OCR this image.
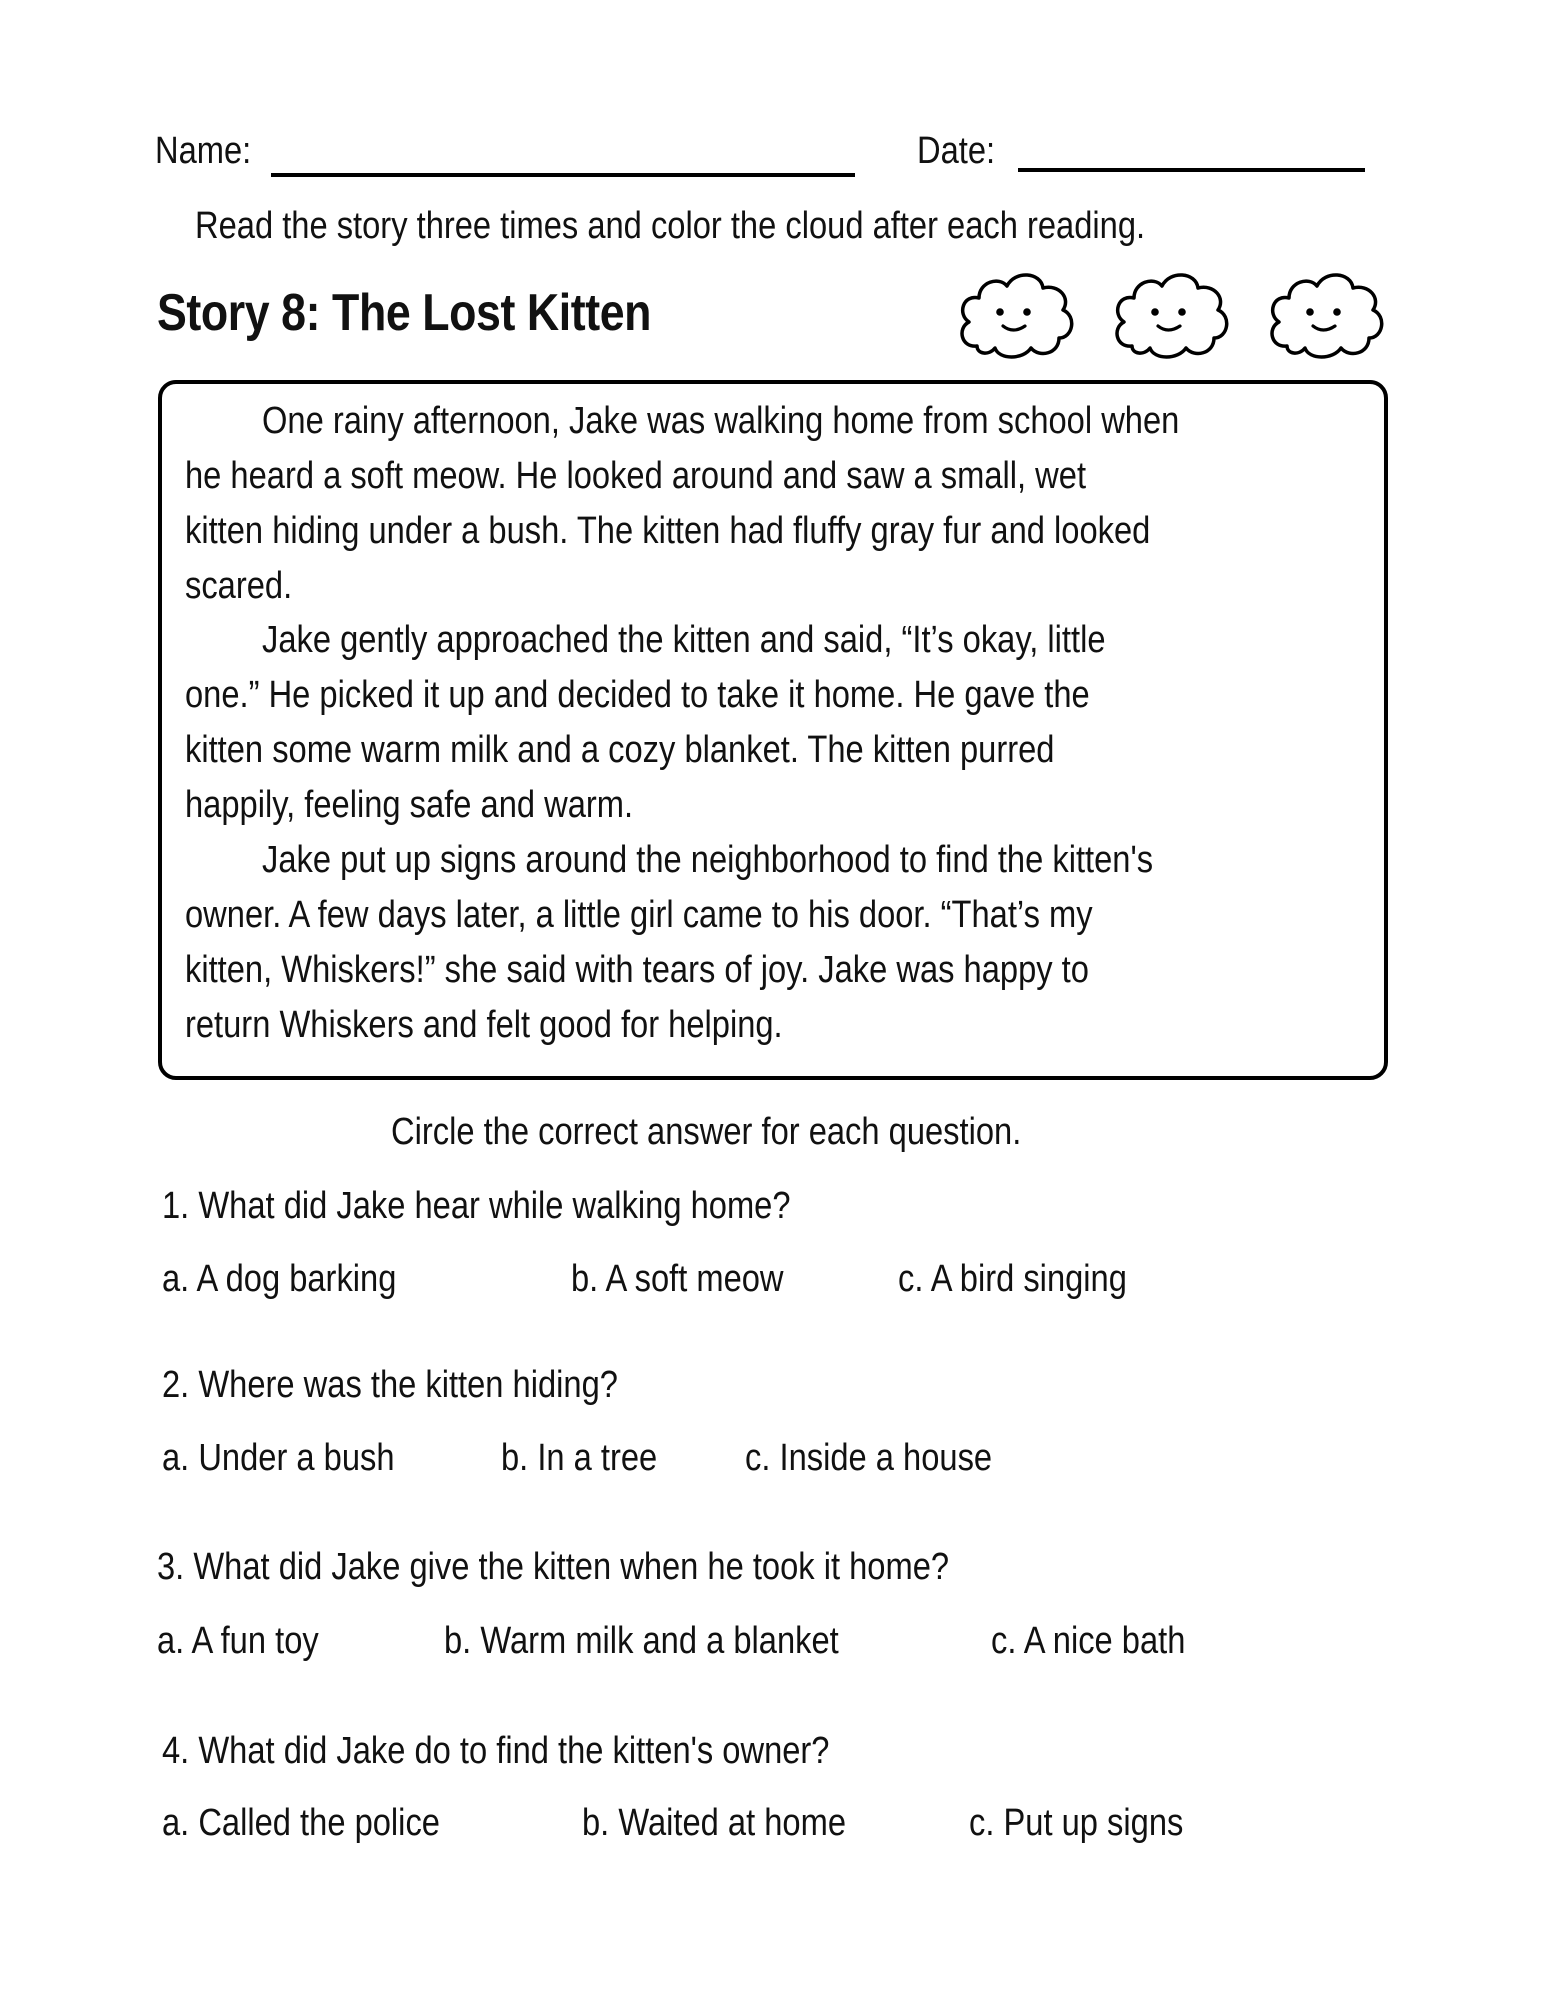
Name:	Date:
Read the story three times and color the cloud after each reading.
Story 8: The Lost Kitten
One rainy afternoon, Jake was walking home from school when
he heard a soft meow. He looked around and saw a small, wet
kitten hiding under a bush. The kitten had fluffy gray fur and looked
scared.
Jake gently approached the kitten and said, “It’s okay, little
one.” He picked it up and decided to take it home. He gave the
kitten some warm milk and a cozy blanket. The kitten purred
happily, feeling safe and warm.
Jake put up signs around the neighborhood to find the kitten's
owner. A few days later, a little girl came to his door. “That’s my
kitten, Whiskers!” she said with tears of joy. Jake was happy to
return Whiskers and felt good for helping.
Circle the correct answer for each question.
1. What did Jake hear while walking home?
a. A dog barking	b. A soft meow	c. A bird singing
2. Where was the kitten hiding?
a. Under a bush	b. In a tree	c. Inside a house
3. What did Jake give the kitten when he took it home?
a. A fun toy	b. Warm milk and a blanket	c. A nice bath
4. What did Jake do to find the kitten's owner?
a. Called the police	b. Waited at home	c. Put up signs
